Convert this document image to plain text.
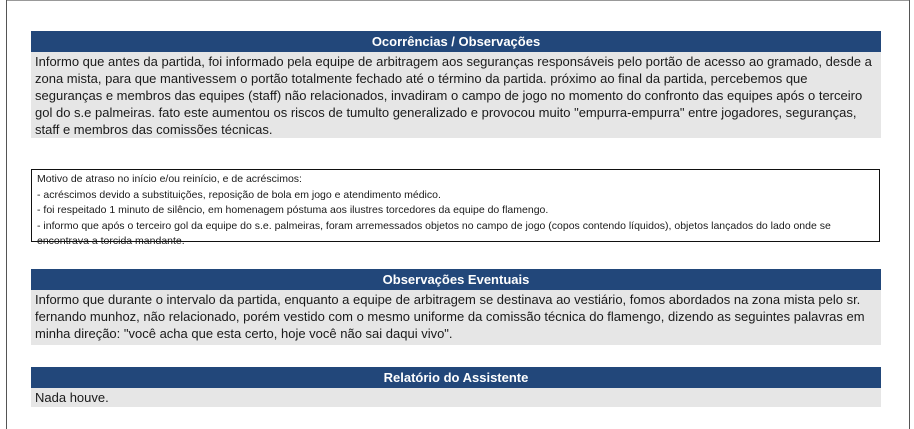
Ocorrências / Observações
Informo que antes da partida, foi informado pela equipe de arbitragem aos seguranças responsáveis pelo portão de acesso ao gramado, desde a zona mista, para que mantivessem o portão totalmente fechado até o término da partida. próximo ao final da partida, percebemos que seguranças e membros das equipes (staff) não relacionados, invadiram o campo de jogo no momento do confronto das equipes após o terceiro gol do s.e palmeiras. fato este aumentou os riscos de tumulto generalizado e provocou muito "empurra-empurra" entre jogadores, seguranças, staff e membros das comissões técnicas.
Motivo de atraso no início e/ou reinício, e de acréscimos:
- acréscimos devido a substituições, reposição de bola em jogo e atendimento médico.
- foi respeitado 1 minuto de silêncio, em homenagem póstuma aos ilustres torcedores da equipe do flamengo.
- informo que após o terceiro gol da equipe do s.e. palmeiras, foram arremessados objetos no campo de jogo (copos contendo líquidos), objetos lançados do lado onde se encontrava a torcida mandante.
Observações Eventuais
Informo que durante o intervalo da partida, enquanto a equipe de arbitragem se destinava ao vestiário, fomos abordados na zona mista pelo sr. fernando munhoz, não relacionado, porém vestido com o mesmo uniforme da comissão técnica do flamengo, dizendo as seguintes palavras em minha direção: "você acha que esta certo, hoje você não sai daqui vivo".
Relatório do Assistente
Nada houve.
